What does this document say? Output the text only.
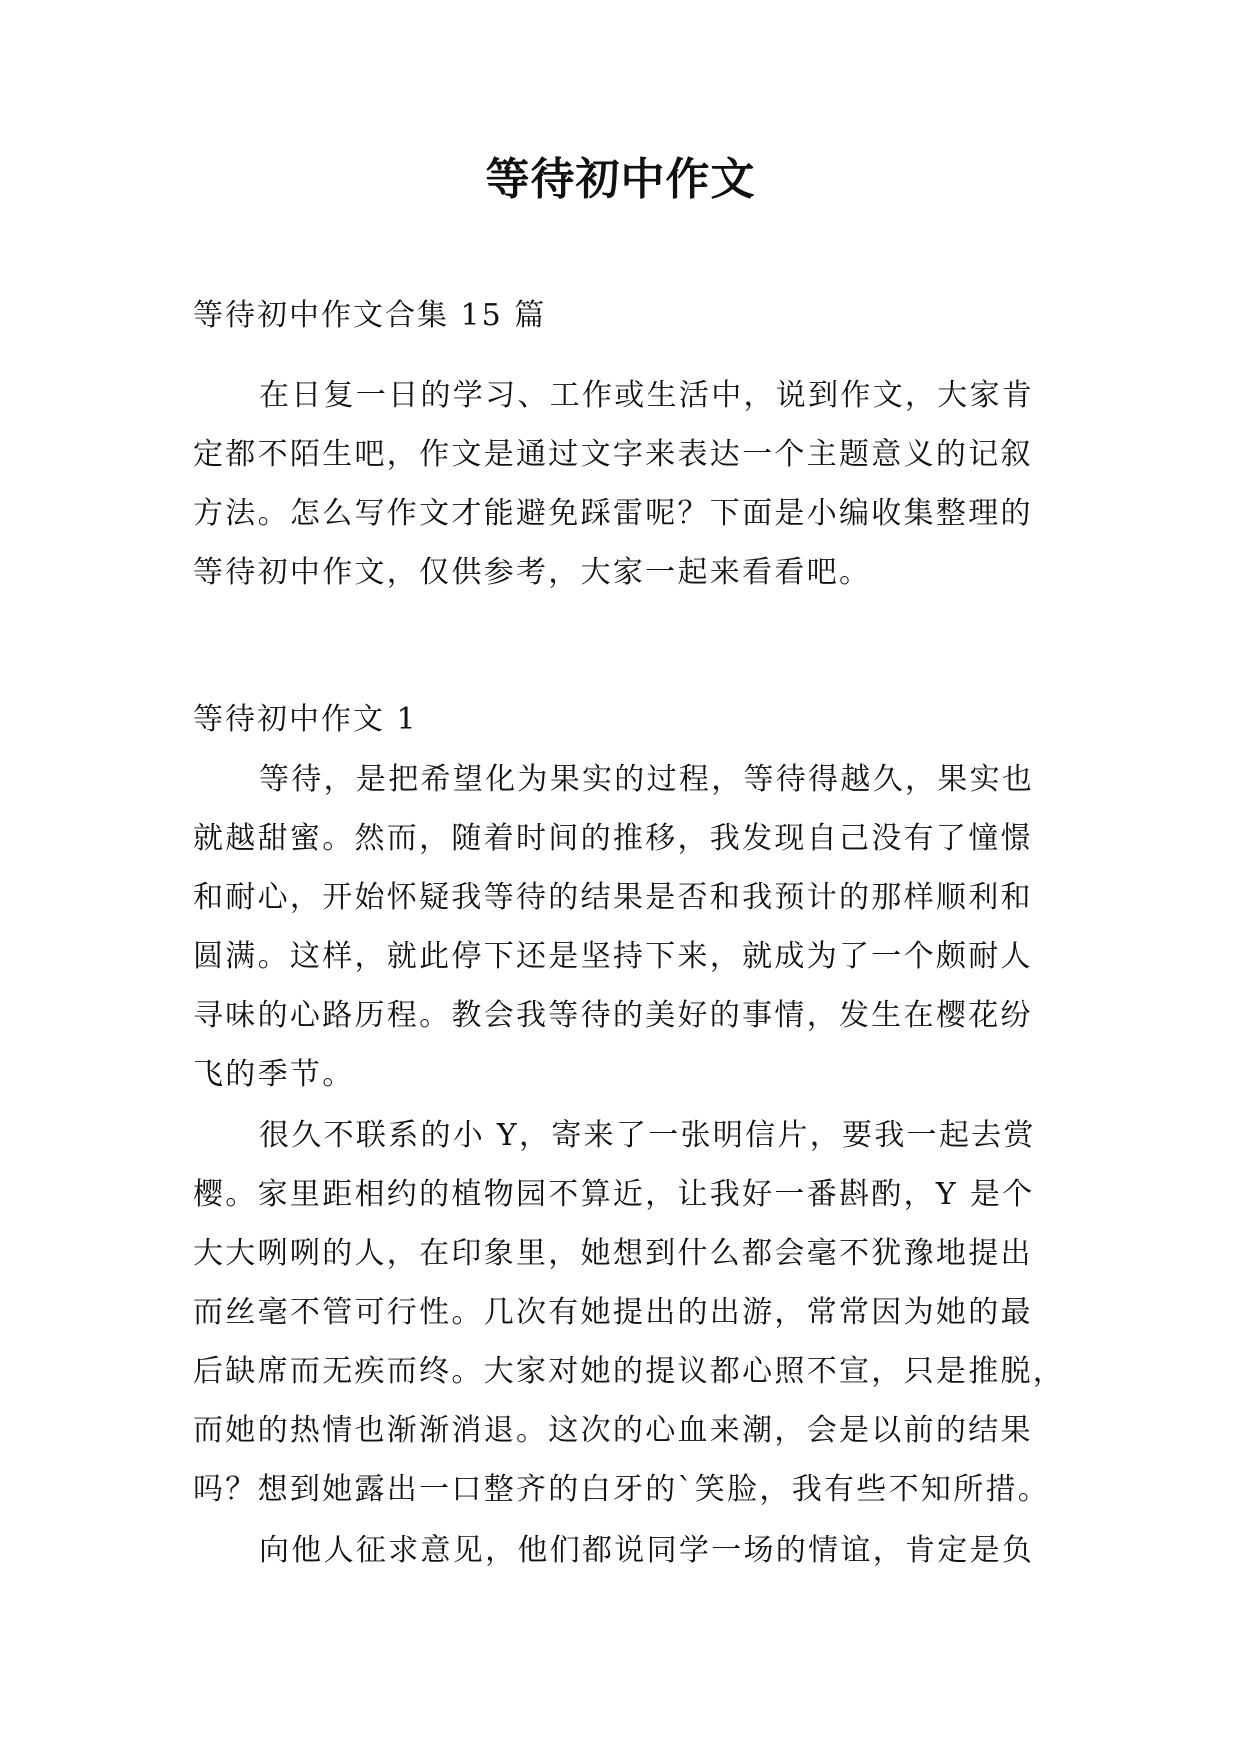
等待初中作文
等待初中作文合集 15 篇
在日复一日的学习、工作或生活中，说到作文，大家肯
定都不陌生吧，作文是通过文字来表达一个主题意义的记叙
方法。怎么写作文才能避免踩雷呢？下面是小编收集整理的
等待初中作文，仅供参考，大家一起来看看吧。
等待初中作文 1
等待，是把希望化为果实的过程，等待得越久，果实也
就越甜蜜。然而，随着时间的推移，我发现自己没有了憧憬
和耐心，开始怀疑我等待的结果是否和我预计的那样顺利和
圆满。这样，就此停下还是坚持下来，就成为了一个颇耐人
寻味的心路历程。教会我等待的美好的事情，发生在樱花纷
飞的季节。
很久不联系的小 Y，寄来了一张明信片，要我一起去赏
樱。家里距相约的植物园不算近，让我好一番斟酌，Y 是个
大大咧咧的人，在印象里，她想到什么都会毫不犹豫地提出
而丝毫不管可行性。几次有她提出的出游，常常因为她的最
后缺席而无疾而终。大家对她的提议都心照不宣，只是推脱，
而她的热情也渐渐消退。这次的心血来潮，会是以前的结果
吗？想到她露出一口整齐的白牙的`笑脸，我有些不知所措。
向他人征求意见，他们都说同学一场的情谊，肯定是负
